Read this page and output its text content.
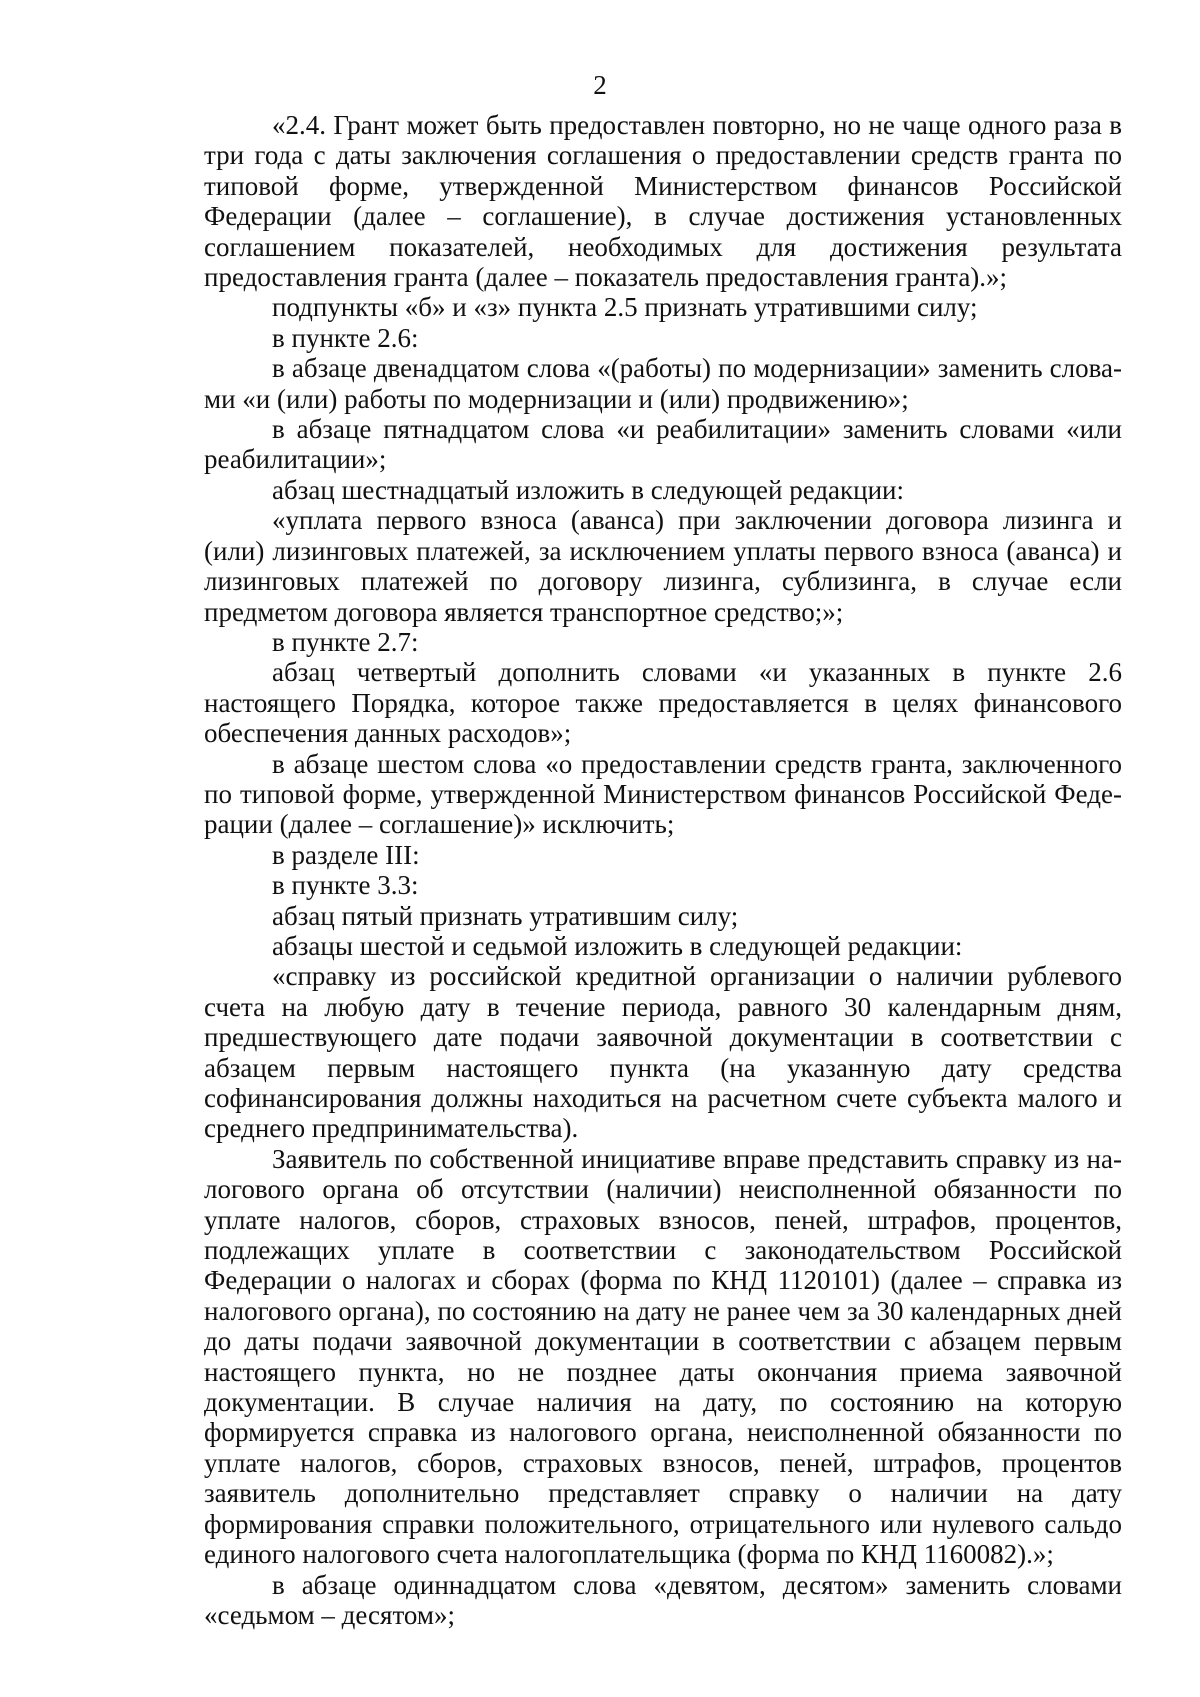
2

«2.4. Грант может быть предоставлен повторно, но не чаще одного раза в три года с даты заключения соглашения о предоставлении средств гранта по типовой форме, утвержденной Министерством финансов Российской Федерации (далее – соглашение), в случае достижения установленных соглашением показателей, необходимых для достижения результата предоставления гранта (далее – показатель предоставления гранта).»;

подпункты «б» и «з» пункта 2.5 признать утратившими силу;

в пункте 2.6:

в абзаце двенадцатом слова «(работы) по модернизации» заменить словами «и (или) работы по модернизации и (или) продвижению»;

в абзаце пятнадцатом слова «и реабилитации» заменить словами «или реабилитации»;

абзац шестнадцатый изложить в следующей редакции:

«уплата первого взноса (аванса) при заключении договора лизинга и (или) лизинговых платежей, за исключением уплаты первого взноса (аванса) и лизинговых платежей по договору лизинга, сублизинга, в случае если предметом договора является транспортное средство;»;

в пункте 2.7:

абзац четвертый дополнить словами «и указанных в пункте 2.6 настоящего Порядка, которое также предоставляется в целях финансового обеспечения данных расходов»;

в абзаце шестом слова «о предоставлении средств гранта, заключенного по типовой форме, утвержденной Министерством финансов Российской Федерации (далее – соглашение)» исключить;

в разделе III:

в пункте 3.3:

абзац пятый признать утратившим силу;

абзацы шестой и седьмой изложить в следующей редакции:

«справку из российской кредитной организации о наличии рублевого счета на любую дату в течение периода, равного 30 календарным дням, предшествующего дате подачи заявочной документации в соответствии с абзацем первым настоящего пункта (на указанную дату средства софинансирования должны находиться на расчетном счете субъекта малого и среднего предпринимательства).

Заявитель по собственной инициативе вправе представить справку из налогового органа об отсутствии (наличии) неисполненной обязанности по уплате налогов, сборов, страховых взносов, пеней, штрафов, процентов, подлежащих уплате в соответствии с законодательством Российской Федерации о налогах и сборах (форма по КНД 1120101) (далее – справка из налогового органа), по состоянию на дату не ранее чем за 30 календарных дней до даты подачи заявочной документации в соответствии с абзацем первым настоящего пункта, но не позднее даты окончания приема заявочной документации. В случае наличия на дату, по состоянию на которую формируется справка из налогового органа, неисполненной обязанности по уплате налогов, сборов, страховых взносов, пеней, штрафов, процентов заявитель дополнительно представляет справку о наличии на дату формирования справки положительного, отрицательного или нулевого сальдо единого налогового счета налогоплательщика (форма по КНД 1160082).»;

в абзаце одиннадцатом слова «девятом, десятом» заменить словами «седьмом – десятом»;
